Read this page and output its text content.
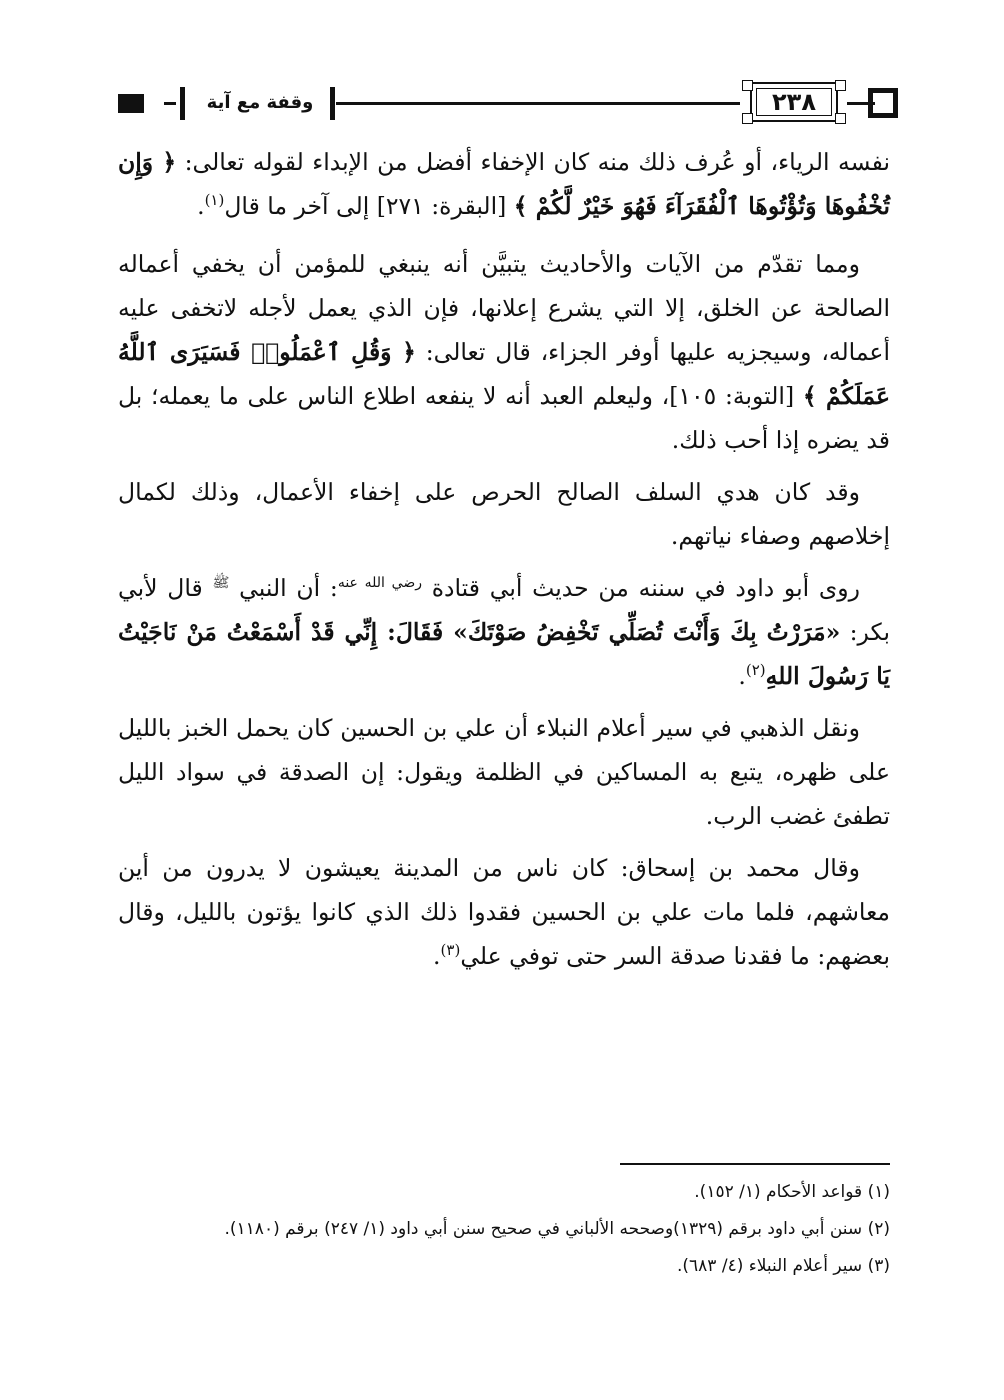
وقفة مع آية	٢٣٨

نفسه الرياء، أو عُرف ذلك منه كان الإخفاء أفضل من الإبداء لقوله تعالى: ﴿ وَإِن تُخْفُوهَا وَتُؤْتُوهَا ٱلْفُقَرَآءَ فَهُوَ خَيْرٌ لَّكُمْ ﴾ [البقرة: ٢٧١] إلى آخر ما قال$^{(١)}$.

ومما تقدّم من الآيات والأحاديث يتبيَّن أنه ينبغي للمؤمن أن يخفي أعماله الصالحة عن الخلق، إلا التي يشرع إعلانها، فإن الذي يعمل لأجله لاتخفى عليه أعماله، وسيجزيه عليها أوفر الجزاء، قال تعالى: ﴿ وَقُلِ ٱعْمَلُوا۟ فَسَيَرَى ٱللَّهُ عَمَلَكُمْ ﴾ [التوبة: ١٠٥]، وليعلم العبد أنه لا ينفعه اطلاع الناس على ما يعمله؛ بل قد يضره إذا أحب ذلك.

وقد كان هدي السلف الصالح الحرص على إخفاء الأعمال، وذلك لكمال إخلاصهم وصفاء نياتهم.

روى أبو داود في سننه من حديث أبي قتادة $^{رضي الله عنه}$: أن النبي $^ﷺ$ قال لأبي بكر: «مَرَرْتُ بِكَ وَأَنْتَ تُصَلِّي تَخْفِضُ صَوْتَكَ» فَقَالَ: إِنِّي قَدْ أَسْمَعْتُ مَنْ نَاجَيْتُ يَا رَسُولَ اللهِ$^{(٢)}$.

ونقل الذهبي في سير أعلام النبلاء أن علي بن الحسين كان يحمل الخبز بالليل على ظهره، يتبع به المساكين في الظلمة ويقول: إن الصدقة في سواد الليل تطفئ غضب الرب.

وقال محمد بن إسحاق: كان ناس من المدينة يعيشون لا يدرون من أين معاشهم، فلما مات علي بن الحسين فقدوا ذلك الذي كانوا يؤتون بالليل، وقال بعضهم: ما فقدنا صدقة السر حتى توفي علي$^{(٣)}$.

(١) قواعد الأحكام (١/ ١٥٢).

(٢) سنن أبي داود برقم (١٣٢٩)وصححه الألباني في صحيح سنن أبي داود (١/ ٢٤٧) برقم (١١٨٠).

(٣) سير أعلام النبلاء (٤/ ٦٨٣).
